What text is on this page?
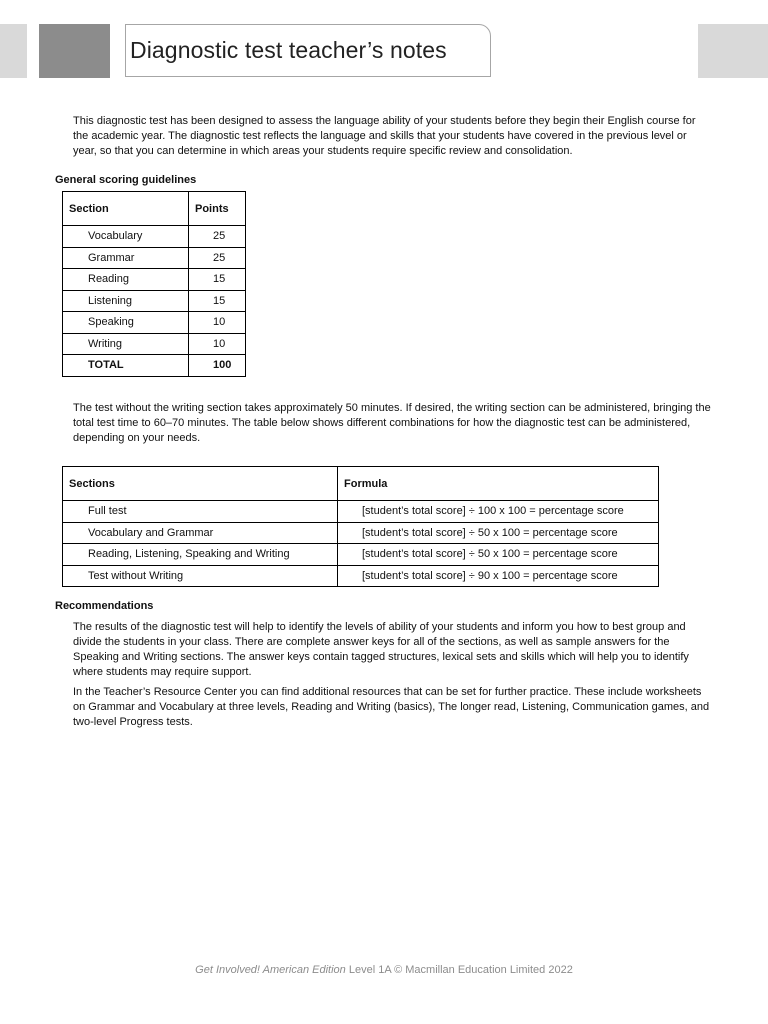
Diagnostic test teacher’s notes

This diagnostic test has been designed to assess the language ability of your students before they begin their English course for the academic year. The diagnostic test reflects the language and skills that your students have covered in the previous level or year, so that you can determine in which areas your students require specific review and consolidation.

General scoring guidelines

Section	Points
Vocabulary	25
Grammar	25
Reading	15
Listening	15
Speaking	10
Writing	10
TOTAL	100

The test without the writing section takes approximately 50 minutes. If desired, the writing section can be administered, bringing the total test time to 60–70 minutes. The table below shows different combinations for how the diagnostic test can be administered, depending on your needs.

Sections	Formula
Full test	[student’s total score] ÷ 100 x 100 = percentage score
Vocabulary and Grammar	[student’s total score] ÷ 50 x 100 = percentage score
Reading, Listening, Speaking and Writing	[student’s total score] ÷ 50 x 100 = percentage score
Test without Writing	[student’s total score] ÷ 90 x 100 = percentage score

Recommendations

The results of the diagnostic test will help to identify the levels of ability of your students and inform you how to best group and divide the students in your class. There are complete answer keys for all of the sections, as well as sample answers for the Speaking and Writing sections. The answer keys contain tagged structures, lexical sets and skills which will help you to identify where students may require support.

In the Teacher’s Resource Center you can find additional resources that can be set for further practice. These include worksheets on Grammar and Vocabulary at three levels, Reading and Writing (basics), The longer read, Listening, Communication games, and two-level Progress tests.

Get Involved! American Edition Level 1A © Macmillan Education Limited 2022
